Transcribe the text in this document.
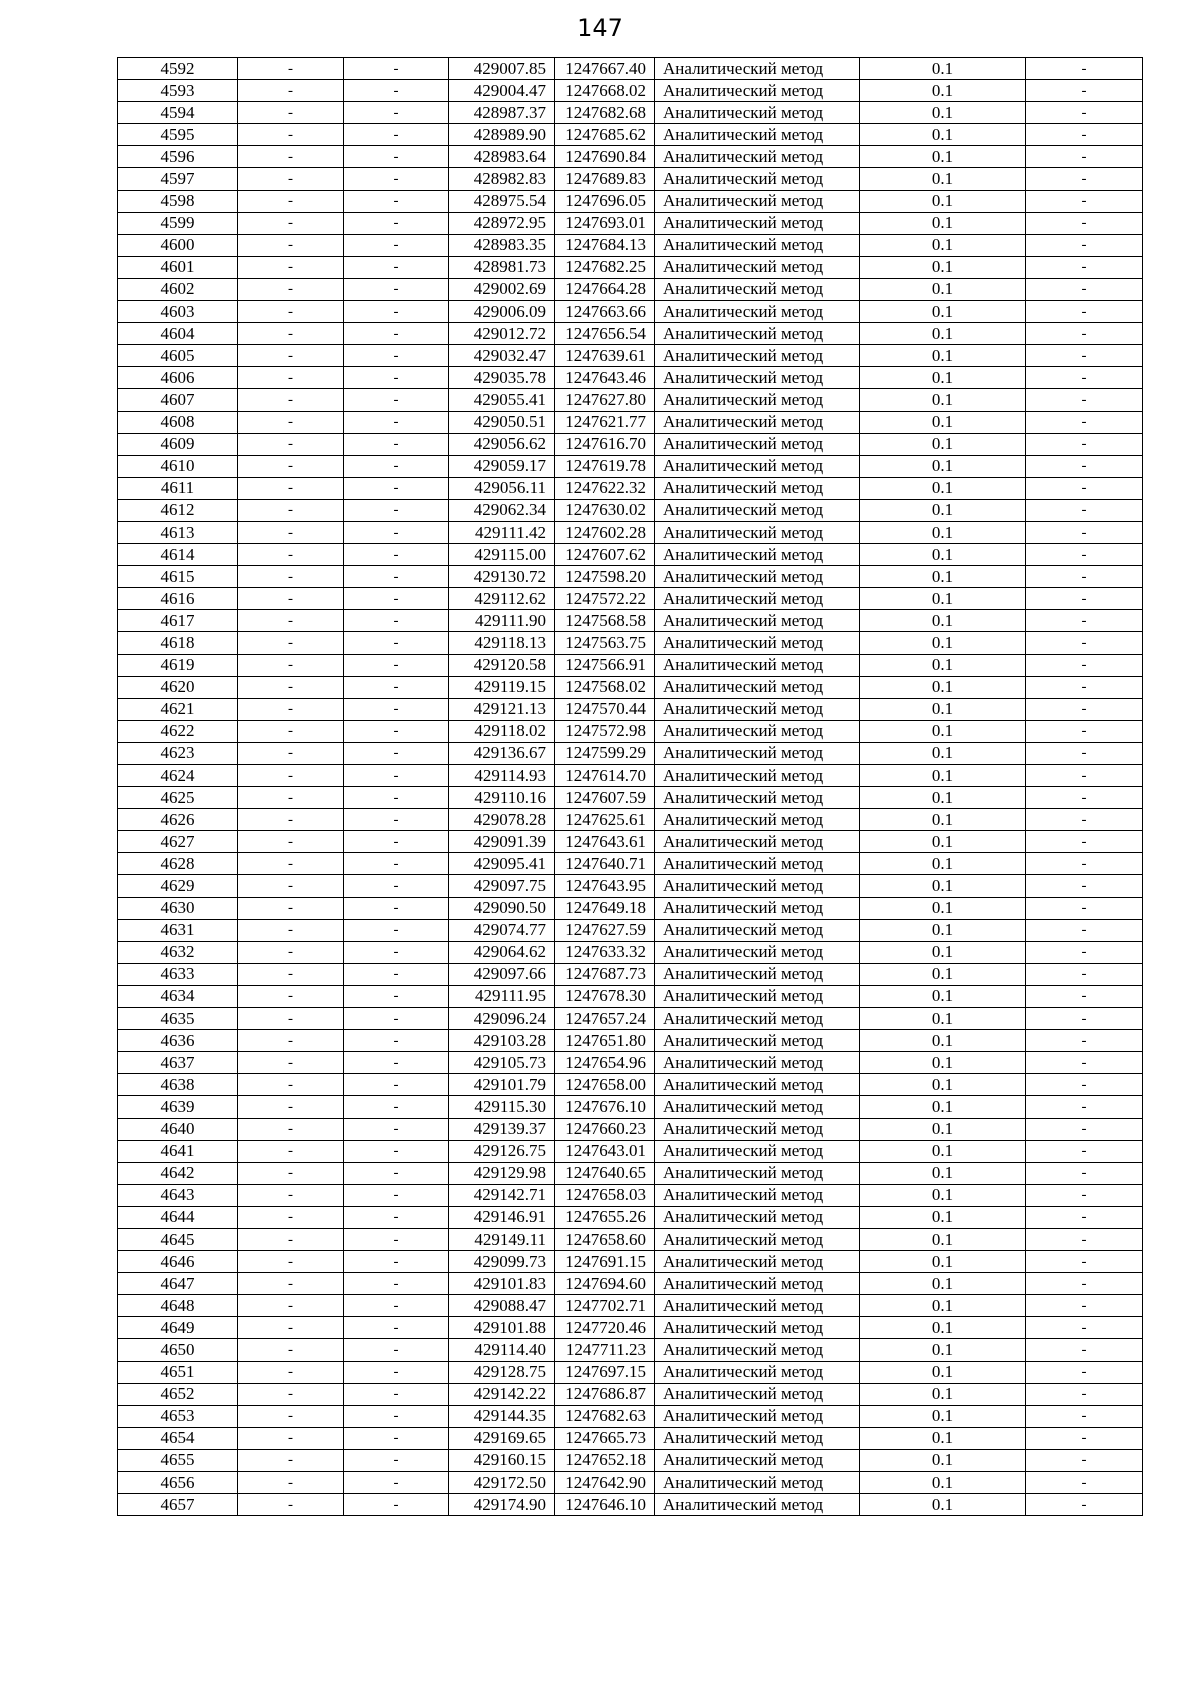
147
4592	-	-	429007.85	1247667.40	Аналитический метод	0.1	-
4593	-	-	429004.47	1247668.02	Аналитический метод	0.1	-
4594	-	-	428987.37	1247682.68	Аналитический метод	0.1	-
4595	-	-	428989.90	1247685.62	Аналитический метод	0.1	-
4596	-	-	428983.64	1247690.84	Аналитический метод	0.1	-
4597	-	-	428982.83	1247689.83	Аналитический метод	0.1	-
4598	-	-	428975.54	1247696.05	Аналитический метод	0.1	-
4599	-	-	428972.95	1247693.01	Аналитический метод	0.1	-
4600	-	-	428983.35	1247684.13	Аналитический метод	0.1	-
4601	-	-	428981.73	1247682.25	Аналитический метод	0.1	-
4602	-	-	429002.69	1247664.28	Аналитический метод	0.1	-
4603	-	-	429006.09	1247663.66	Аналитический метод	0.1	-
4604	-	-	429012.72	1247656.54	Аналитический метод	0.1	-
4605	-	-	429032.47	1247639.61	Аналитический метод	0.1	-
4606	-	-	429035.78	1247643.46	Аналитический метод	0.1	-
4607	-	-	429055.41	1247627.80	Аналитический метод	0.1	-
4608	-	-	429050.51	1247621.77	Аналитический метод	0.1	-
4609	-	-	429056.62	1247616.70	Аналитический метод	0.1	-
4610	-	-	429059.17	1247619.78	Аналитический метод	0.1	-
4611	-	-	429056.11	1247622.32	Аналитический метод	0.1	-
4612	-	-	429062.34	1247630.02	Аналитический метод	0.1	-
4613	-	-	429111.42	1247602.28	Аналитический метод	0.1	-
4614	-	-	429115.00	1247607.62	Аналитический метод	0.1	-
4615	-	-	429130.72	1247598.20	Аналитический метод	0.1	-
4616	-	-	429112.62	1247572.22	Аналитический метод	0.1	-
4617	-	-	429111.90	1247568.58	Аналитический метод	0.1	-
4618	-	-	429118.13	1247563.75	Аналитический метод	0.1	-
4619	-	-	429120.58	1247566.91	Аналитический метод	0.1	-
4620	-	-	429119.15	1247568.02	Аналитический метод	0.1	-
4621	-	-	429121.13	1247570.44	Аналитический метод	0.1	-
4622	-	-	429118.02	1247572.98	Аналитический метод	0.1	-
4623	-	-	429136.67	1247599.29	Аналитический метод	0.1	-
4624	-	-	429114.93	1247614.70	Аналитический метод	0.1	-
4625	-	-	429110.16	1247607.59	Аналитический метод	0.1	-
4626	-	-	429078.28	1247625.61	Аналитический метод	0.1	-
4627	-	-	429091.39	1247643.61	Аналитический метод	0.1	-
4628	-	-	429095.41	1247640.71	Аналитический метод	0.1	-
4629	-	-	429097.75	1247643.95	Аналитический метод	0.1	-
4630	-	-	429090.50	1247649.18	Аналитический метод	0.1	-
4631	-	-	429074.77	1247627.59	Аналитический метод	0.1	-
4632	-	-	429064.62	1247633.32	Аналитический метод	0.1	-
4633	-	-	429097.66	1247687.73	Аналитический метод	0.1	-
4634	-	-	429111.95	1247678.30	Аналитический метод	0.1	-
4635	-	-	429096.24	1247657.24	Аналитический метод	0.1	-
4636	-	-	429103.28	1247651.80	Аналитический метод	0.1	-
4637	-	-	429105.73	1247654.96	Аналитический метод	0.1	-
4638	-	-	429101.79	1247658.00	Аналитический метод	0.1	-
4639	-	-	429115.30	1247676.10	Аналитический метод	0.1	-
4640	-	-	429139.37	1247660.23	Аналитический метод	0.1	-
4641	-	-	429126.75	1247643.01	Аналитический метод	0.1	-
4642	-	-	429129.98	1247640.65	Аналитический метод	0.1	-
4643	-	-	429142.71	1247658.03	Аналитический метод	0.1	-
4644	-	-	429146.91	1247655.26	Аналитический метод	0.1	-
4645	-	-	429149.11	1247658.60	Аналитический метод	0.1	-
4646	-	-	429099.73	1247691.15	Аналитический метод	0.1	-
4647	-	-	429101.83	1247694.60	Аналитический метод	0.1	-
4648	-	-	429088.47	1247702.71	Аналитический метод	0.1	-
4649	-	-	429101.88	1247720.46	Аналитический метод	0.1	-
4650	-	-	429114.40	1247711.23	Аналитический метод	0.1	-
4651	-	-	429128.75	1247697.15	Аналитический метод	0.1	-
4652	-	-	429142.22	1247686.87	Аналитический метод	0.1	-
4653	-	-	429144.35	1247682.63	Аналитический метод	0.1	-
4654	-	-	429169.65	1247665.73	Аналитический метод	0.1	-
4655	-	-	429160.15	1247652.18	Аналитический метод	0.1	-
4656	-	-	429172.50	1247642.90	Аналитический метод	0.1	-
4657	-	-	429174.90	1247646.10	Аналитический метод	0.1	-
